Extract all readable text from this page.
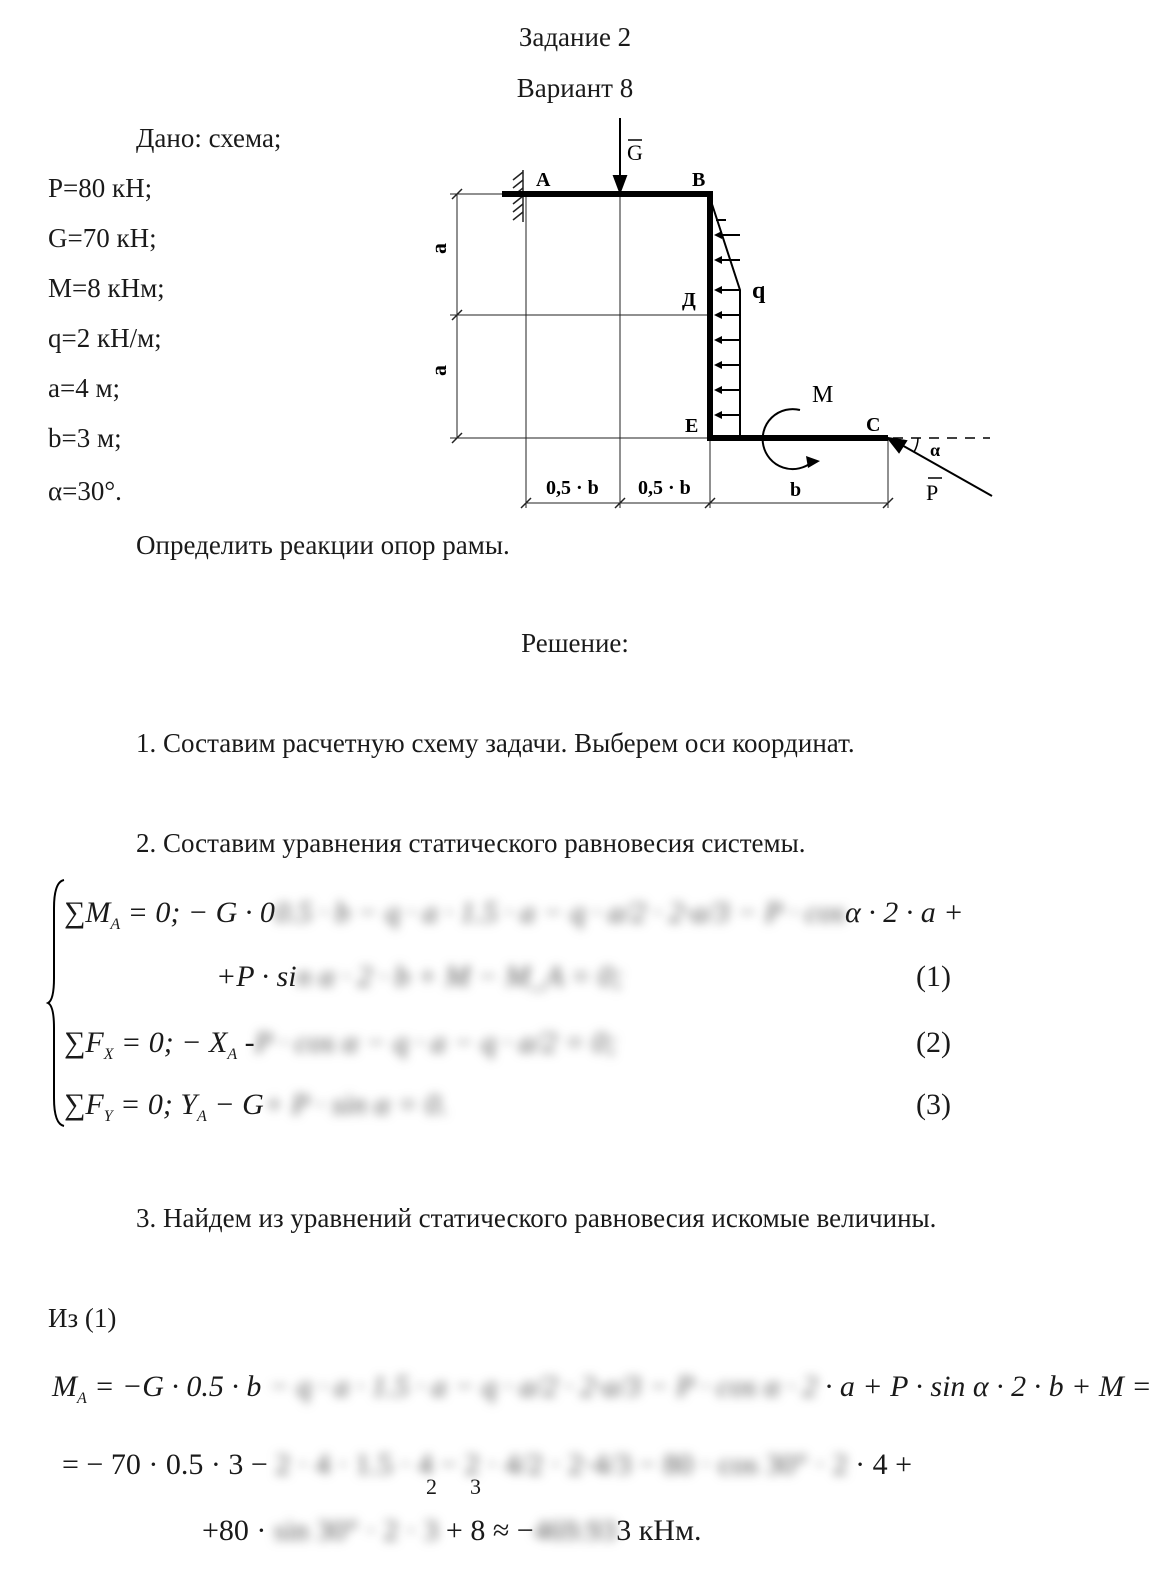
Задание 2
Вариант 8
Дано: схема;
P=80 кН;
G=70 кН;
M=8 кНм;
q=2 кН/м;
a=4 м;
b=3 м;
α=30°.
A	B
C
Д
E
G
q
M
P
α
a
a
0,5 · b 0,5 · b	b
Определить реакции опор рамы.
Решение:
1. Составим расчетную схему задачи. Выберем оси координат.
2. Составим уравнения статического равновесия системы.
$\sum M_A = 0$; − G · 00.5 · b − q · a · 1.5 · a − q · a/2 · 2·a/3 − P · cosα · 2 · a +
+P · sin α · 2 · b + M − M_A = 0;	(1)
$\sum F_X = 0$; − $X_A$ -P · cos α − q · a − q · a/2 = 0;	(2)
$\sum F_Y = 0$; $Y_A - G+ P \cdot \sin \alpha = 0$.	(3)
3. Найдем из уравнений статического равновесия искомые величины.
Из (1)
$M_A = -G \cdot 0.5 \cdot b - q \cdot a \cdot 1.5 \cdot a - q \cdot a/2 \cdot 2\cdot a/3 - P \cdot \cos \alpha \cdot 2 \cdot a + P \cdot \sin \alpha \cdot 2 \cdot b + M$ =
= − 70 · 0.5 · 3 − 2 · 4 · 1.5 · 4 − 2 · 4/2 · 2·4/3 − 80 · cos 30° · 2 · 4 +
2      3
+80 · sin 30° · 2 · 3 + 8 ≈ −469.933 кНм.
